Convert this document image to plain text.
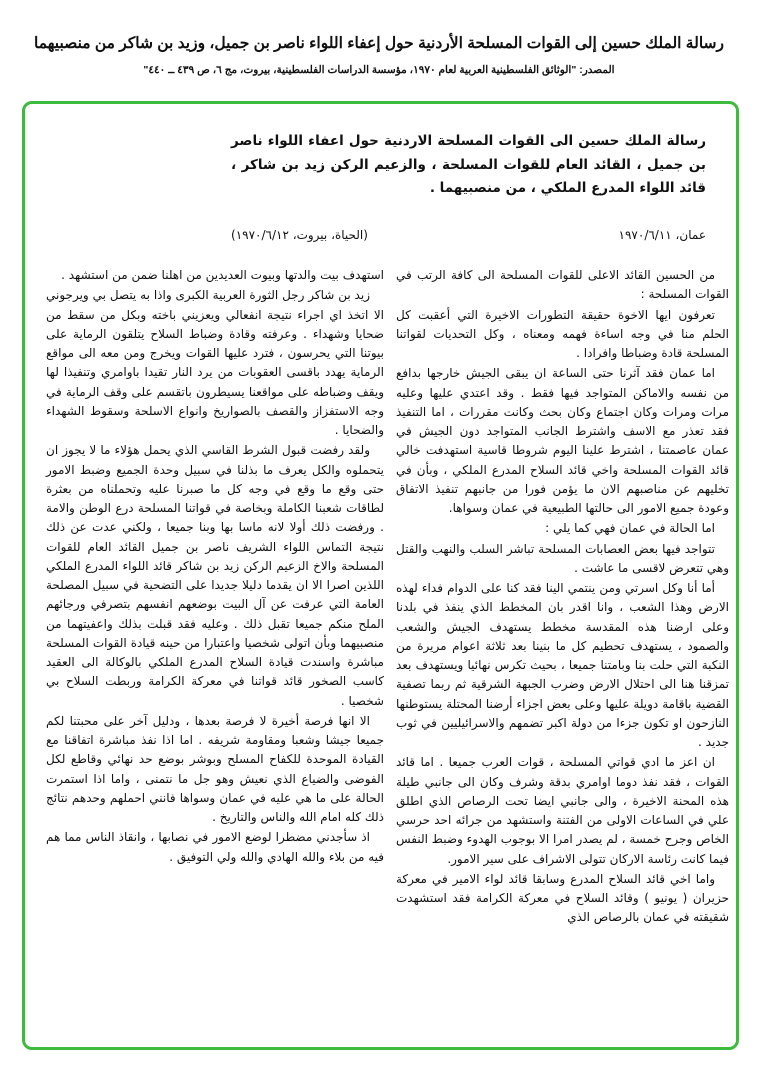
رسالة الملك حسين إلى القوات المسلحة الأردنية حول إعفاء اللواء ناصر بن جميل، وزيد بن شاكر من منصبيهما
المصدر: "الوثائق الفلسطينية العربية لعام ١٩٧٠، مؤسسة الدراسات الفلسطينية، بيروت، مج ٦، ص ٤٣٩ ــ ٤٤٠"
رسالة الملك حسين الى القوات المسلحة الاردنية حول اعفاء اللواء ناصر بن جميل ، القائد العام للقوات المسلحة ، والزعيم الركن زيد بن شاكر ، قائد اللواء المدرع الملكي ، من منصبيهما .
عمان، ١٩٧٠/٦/١١
(الحياة، بيروت، ١٩٧٠/٦/١٢)

من الحسين القائد الاعلى للقوات المسلحة الى كافة الرتب في القوات المسلحة :

تعرفون ايها الاخوة حقيقة التطورات الاخيرة التي أعقبت كل الحلم منا في وجه اساءة فهمه ومعناه ، وكل التحديات لقواتنا المسلحة قادة وضباطا وافرادا .

اما عمان فقد آثرنا حتى الساعة ان يبقى الجيش خارجها بدافع من نفسه والاماكن المتواجد فيها فقط . وقد اعتدي عليها وعليه مرات ومرات وكان اجتماع وكان بحث وكانت مقررات ، اما التنفيذ فقد تعذر مع الاسف واشترط الجانب المتواجد دون الجيش في عمان عاصمتنا ، اشترط علينا اليوم شروطا قاسية استهدفت خالي قائد القوات المسلحة واخي قائد السلاح المدرع الملكي ، وبأن في تخليهم عن مناصبهم الان ما يؤمن فورا من جانبهم تنفيذ الاتفاق وعودة جميع الامور الى حالتها الطبيعية في عمان وسواها.

اما الحالة في عمان فهي كما يلي :

تتواجد فيها بعض العصابات المسلحة تباشر السلب والنهب والقتل وهي تتعرض لاقسى ما عاشت .

أما أنا وكل اسرتي ومن ينتمي الينا فقد كنا على الدوام فداء لهذه الارض وهذا الشعب ، وانا اقدر بان المخطط الذي ينفذ في بلدنا وعلى ارضنا هذه المقدسة مخطط يستهدف الجيش والشعب والصمود ، يستهدف تحطيم كل ما بنينا بعد ثلاثة اعوام مريرة من النكبة التي حلت بنا وبامتنا جميعا ، بحيث تكرس نهائيا ويستهدف بعد تمزقنا هنا الى احتلال الارض وضرب الجبهة الشرقية ثم ربما تصفية القضية باقامة دويلة عليها وعلى بعض اجزاء أرضنا المحتلة يستوطنها النازحون او تكون جزءا من دولة اكبر تضمهم والاسرائيليين في ثوب جديد .

ان اعز ما ادي قواتي المسلحة ، قوات العرب جميعا . اما قائد القوات ، فقد نفذ دوما اوامري بدقة وشرف وكان الى جانبي طيلة هذه المحنة الاخيرة ، والى جانبي ايضا تحت الرصاص الذي اطلق علي في الساعات الاولى من الفتنة واستشهد من جرائه احد حرسي الخاص وجرح خمسة ، لم يصدر امرا الا بوجوب الهدوء وضبط النفس فيما كانت رئاسة الاركان تتولى الاشراف على سير الامور.

واما اخي قائد السلاح المدرع وسابقا قائد لواء الامير في معركة حزيران ( يونيو ) وقائد السلاح في معركة الكرامة فقد استشهدت شقيقته في عمان بالرصاص الذي

استهدف بيت والدتها وبيوت العديدين من اهلنا ضمن من استشهد .

زيد بن شاكر رجل الثورة العربية الكبرى واذا به يتصل بي ويرجوني الا اتخذ اي اجراء نتيجة انفعالي ويعزيني باخته وبكل من سقط من ضحايا وشهداء . وعرفته وقادة وضباط السلاح يتلقون الرماية على بيوتنا التي يحرسون ، فترد عليها القوات ويخرج ومن معه الى مواقع الرماية يهدد باقسى العقوبات من يرد النار تقيدا باوامري وتنفيذا لها ويقف وضباطه على مواقعنا يسيطرون باتقسم على وقف الرماية في وجه الاستفزاز والقصف بالصواريخ وانواع الاسلحة وسقوط الشهداء والضحايا .

ولقد رفضت قبول الشرط القاسي الذي يحمل هؤلاء ما لا يجوز ان يتحملوه والكل يعرف ما بذلنا في سبيل وحدة الجميع وضبط الامور حتى وقع ما وقع في وجه كل ما صبرنا عليه وتحملناه من بعثرة لطاقات شعبنا الكاملة وبخاصة في قواتنا المسلحة درع الوطن والامة . ورفضت ذلك أولا لانه ماسا بها وبنا جميعا ، ولكني عدت عن ذلك نتيجة التماس اللواء الشريف ناصر بن جميل القائد العام للقوات المسلحة والاخ الزعيم الركن زيد بن شاكر قائد اللواء المدرع الملكي اللذين اصرا الا ان يقدما دليلا جديدا على التضحية في سبيل المصلحة العامة التي عرفت عن آل البيت بوضعهم انفسهم بتصرفي ورجائهم الملح منكم جميعا تقبل ذلك . وعليه فقد قبلت بذلك واعفيتهما من منصبيهما وبأن اتولى شخصيا واعتبارا من حينه قيادة القوات المسلحة مباشرة واسندت قيادة السلاح المدرع الملكي بالوكالة الى العقيد كاسب الصخور قائد قواتنا في معركة الكرامة وربطت السلاح بي شخصيا .

الا انها فرصة أخيرة لا فرصة بعدها ، ودليل آخر على محبتنا لكم جميعا جيشا وشعبا ومقاومة شريفه . اما اذا نفذ مباشرة اتفاقنا مع القيادة الموحدة للكفاح المسلح وبوشر بوضع حد نهائي وقاطع لكل الفوضى والضياع الذي نعيش وهو جل ما نتمنى ، واما اذا استمرت الحالة على ما هي عليه في عمان وسواها فانني احملهم وحدهم نتائج ذلك كله امام الله والناس والتاريخ .

اذ سأجدني مضطرا لوضع الامور في نصابها ، وانقاذ الناس مما هم فيه من بلاء والله الهادي والله ولي التوفيق .
